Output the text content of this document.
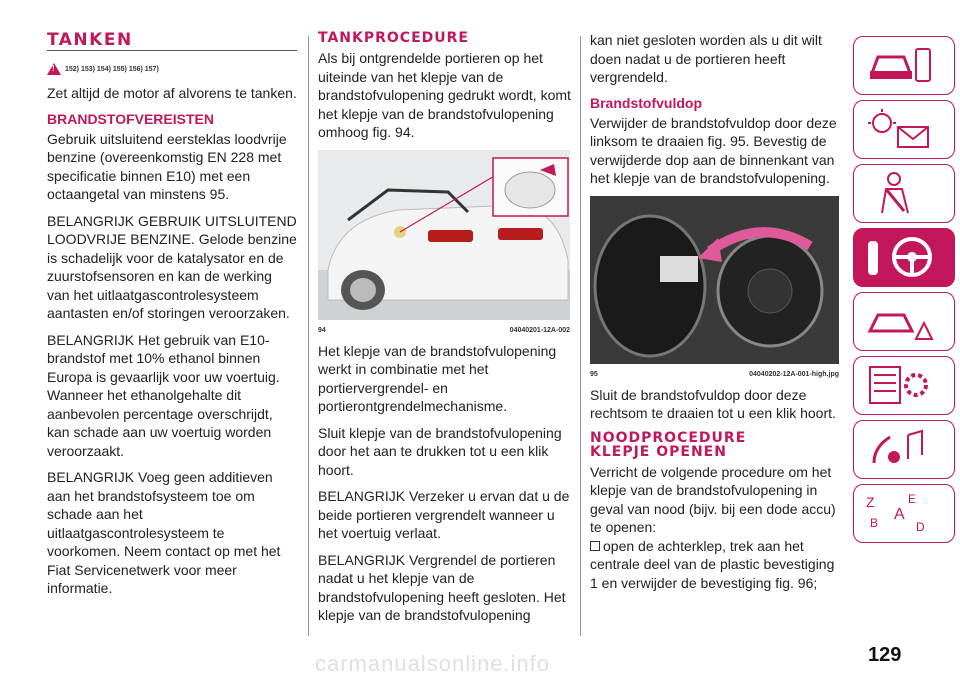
TANKEN
!
152) 153) 154) 155) 156) 157)

Zet altijd de motor af alvorens te tanken.

BRANDSTOFVEREISTEN

Gebruik uitsluitend eersteklas loodvrije benzine (overeenkomstig EN 228 met specificatie binnen E10) met een octaangetal van minstens 95.

BELANGRIJK GEBRUIK UITSLUITEND LOODVRIJE BENZINE. Gelode benzine is schadelijk voor de katalysator en de zuurstofsensoren en kan de werking van het uitlaatgascontrolesysteem aantasten en/of storingen veroorzaken.

BELANGRIJK Het gebruik van E10-brandstof met 10% ethanol binnen Europa is gevaarlijk voor uw voertuig. Wanneer het ethanolgehalte dit aanbevolen percentage overschrijdt, kan schade aan uw voertuig worden veroorzaakt.

BELANGRIJK Voeg geen additieven aan het brandstofsysteem toe om schade aan het uitlaatgascontrolesysteem te voorkomen. Neem contact op met het Fiat Servicenetwerk voor meer informatie.

TANKPROCEDURE

Als bij ontgrendelde portieren op het uiteinde van het klepje van de brandstofvulopening gedrukt wordt, komt het klepje van de brandstofvulopening omhoog fig. 94.

94	04040201-12A-002

Het klepje van de brandstofvulopening werkt in combinatie met het portiervergrendel- en portierontgrendelmechanisme.

Sluit klepje van de brandstofvulopening door het aan te drukken tot u een klik hoort.

BELANGRIJK Verzeker u ervan dat u de beide portieren vergrendelt wanneer u het voertuig verlaat.

BELANGRIJK Vergrendel de portieren nadat u het klepje van de brandstofvulopening heeft gesloten. Het klepje van de brandstofvulopening

kan niet gesloten worden als u dit wilt doen nadat u de portieren heeft vergrendeld.

Brandstofvuldop

Verwijder de brandstofvuldop door deze linksom te draaien fig. 95. Bevestig de verwijderde dop aan de binnenkant van het klepje van de brandstofvulopening.

95	04040202-12A-001-high.jpg

Sluit de brandstofvuldop door deze rechtsom te draaien tot u een klik hoort.

NOODPROCEDURE KLEPJE OPENEN

Verricht de volgende procedure om het klepje van de brandstofvulopening in geval van nood (bijv. bij een dode accu) te openen:

open de achterklep, trek aan het centrale deel van de plastic bevestiging 1 en verwijder de bevestiging fig. 96;

Z	E
A
B	D
129
carmanualsonline.info
